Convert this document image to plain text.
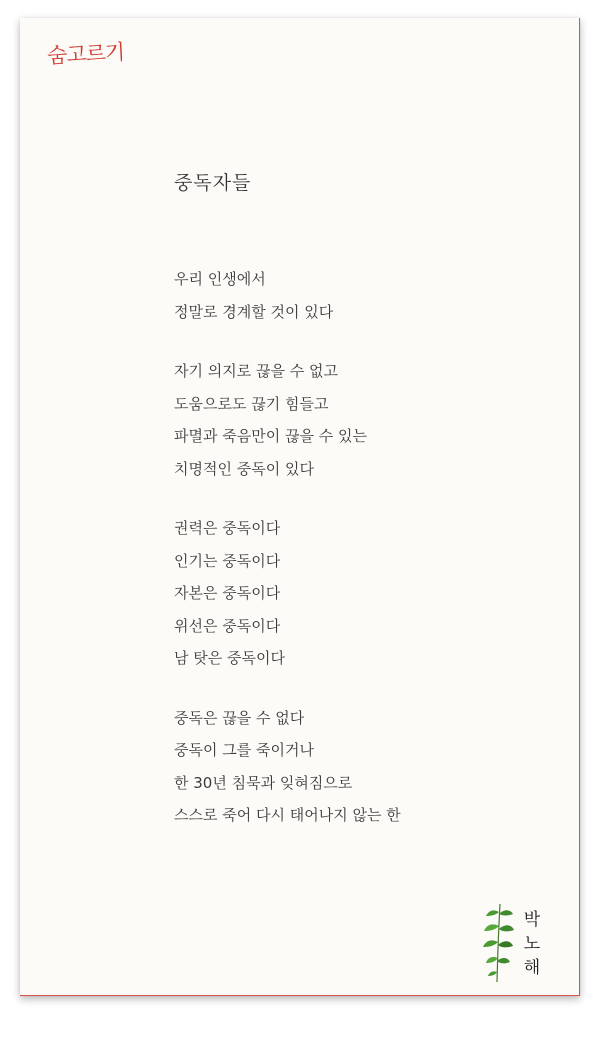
숨고르기
중독자들
우리 인생에서
정말로 경계할 것이 있다
자기 의지로 끊을 수 없고
도움으로도 끊기 힘들고
파멸과 죽음만이 끊을 수 있는
치명적인 중독이 있다
권력은 중독이다
인기는 중독이다
자본은 중독이다
위선은 중독이다
남 탓은 중독이다
중독은 끊을 수 없다
중독이 그를 죽이거나
한 30년 침묵과 잊혀짐으로
스스로 죽어 다시 태어나지 않는 한
박
노
해
